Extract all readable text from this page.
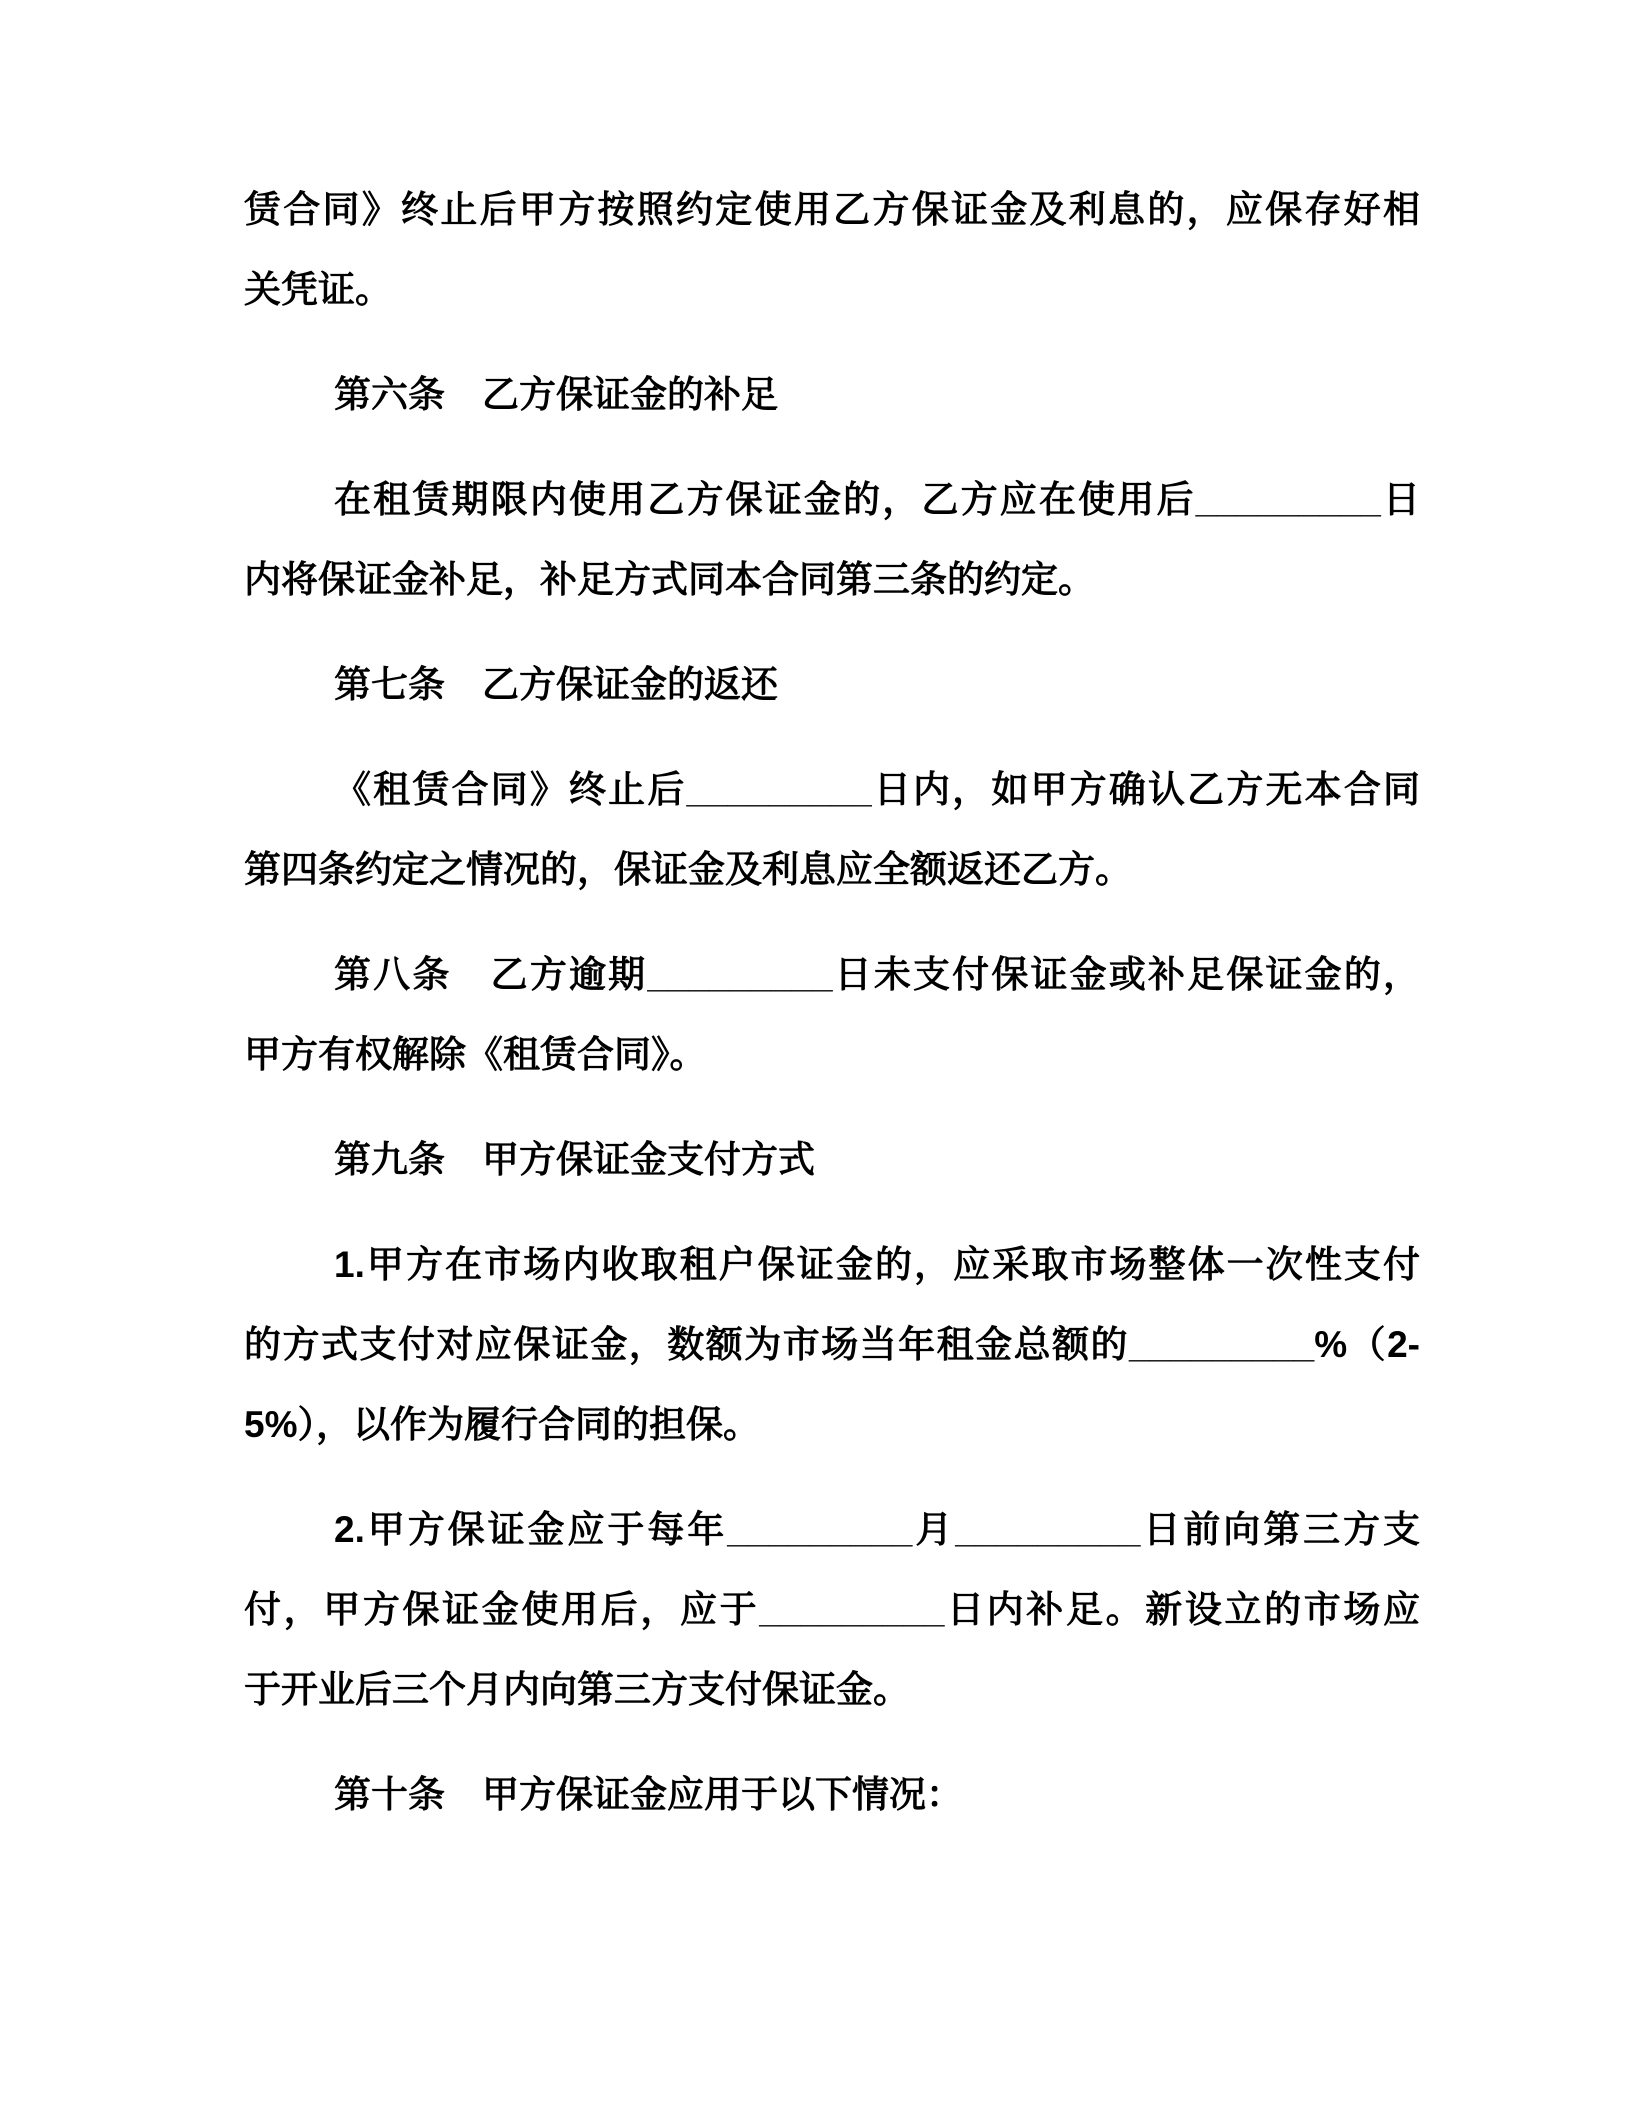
赁合同》终止后甲方按照约定使用乙方保证金及利息的，应保存好相
关凭证。
第六条　乙方保证金的补足
在租赁期限内使用乙方保证金的，乙方应在使用后_________日
内将保证金补足，补足方式同本合同第三条的约定。
第七条　乙方保证金的返还
《租赁合同》终止后_________日内，如甲方确认乙方无本合同
第四条约定之情况的，保证金及利息应全额返还乙方。
第八条　乙方逾期_________日未支付保证金或补足保证金的，
甲方有权解除《租赁合同》。
第九条　甲方保证金支付方式
1.甲方在市场内收取租户保证金的，应采取市场整体一次性支付
的方式支付对应保证金，数额为市场当年租金总额的_________%（2-
5%），以作为履行合同的担保。
2.甲方保证金应于每年_________月_________日前向第三方支
付，甲方保证金使用后，应于_________日内补足。新设立的市场应
于开业后三个月内向第三方支付保证金。
第十条　甲方保证金应用于以下情况：
